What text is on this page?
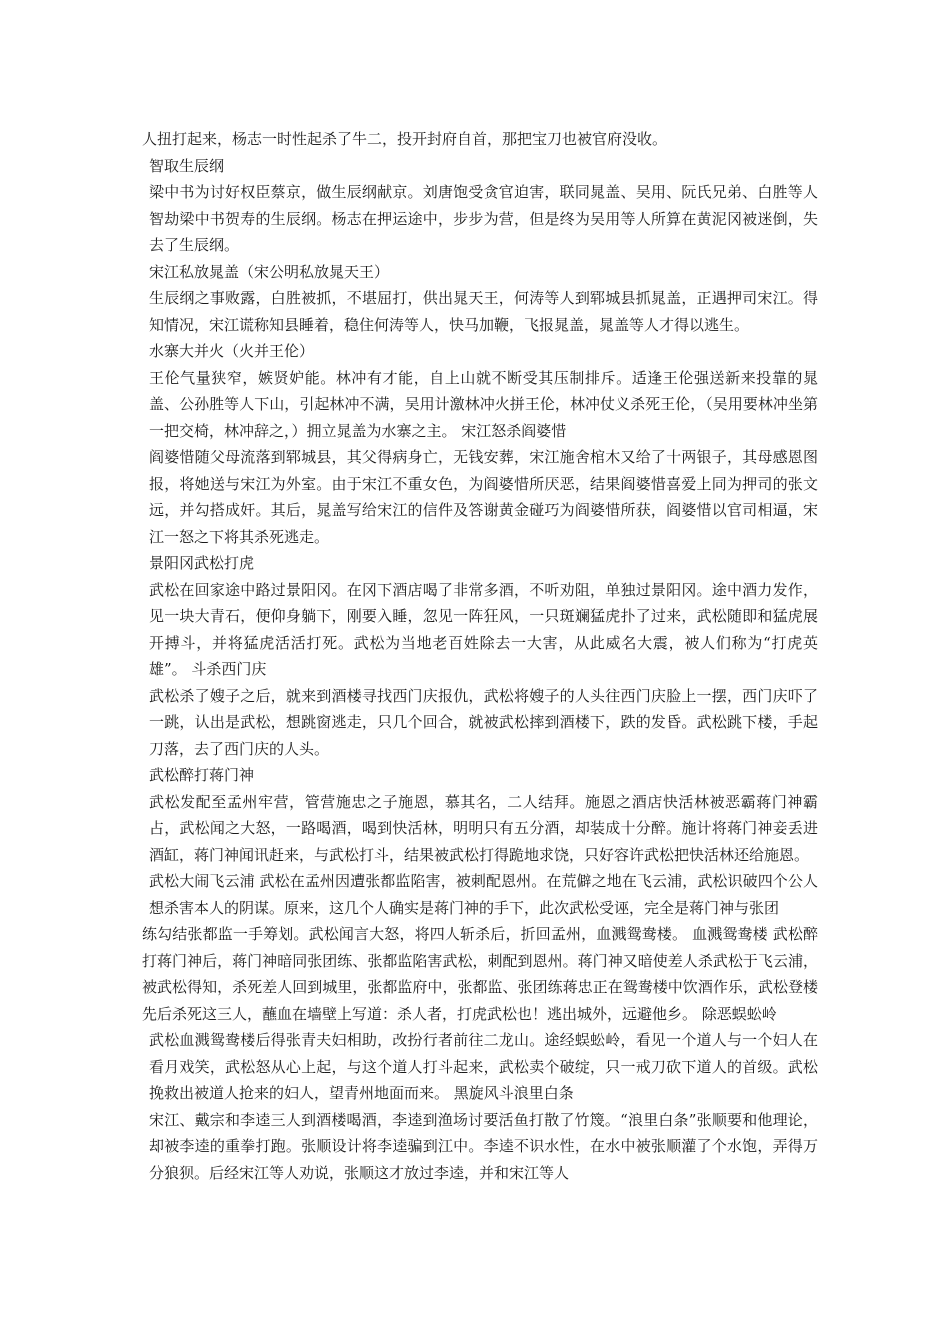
人扭打起来，杨志一时性起杀了牛二，投开封府自首，那把宝刀也被官府没收。

智取生辰纲

梁中书为讨好权臣蔡京，做生辰纲献京。刘唐饱受贪官迫害，联同晁盖、吴用、阮氏兄弟、白胜等人智劫梁中书贺寿的生辰纲。杨志在押运途中，步步为营，但是终为吴用等人所算在黄泥冈被迷倒，失去了生辰纲。

宋江私放晁盖（宋公明私放晁天王）

生辰纲之事败露，白胜被抓，不堪屈打，供出晁天王，何涛等人到郓城县抓晁盖，正遇押司宋江。得知情况，宋江谎称知县睡着，稳住何涛等人，快马加鞭，飞报晁盖，晁盖等人才得以逃生。

水寨大并火（火并王伦）

王伦气量狭窄，嫉贤妒能。林冲有才能，自上山就不断受其压制排斥。适逢王伦强送新来投靠的晁盖、公孙胜等人下山，引起林冲不满，吴用计激林冲火拼王伦，林冲仗义杀死王伦，（吴用要林冲坐第一把交椅，林冲辞之，）拥立晁盖为水寨之主。 宋江怒杀阎婆惜

阎婆惜随父母流落到郓城县，其父得病身亡，无钱安葬，宋江施舍棺木又给了十两银子，其母感恩图报，将她送与宋江为外室。由于宋江不重女色，为阎婆惜所厌恶，结果阎婆惜喜爱上同为押司的张文远，并勾搭成奸。其后，晁盖写给宋江的信件及答谢黄金碰巧为阎婆惜所获，阎婆惜以官司相逼，宋江一怒之下将其杀死逃走。

景阳冈武松打虎

武松在回家途中路过景阳冈。在冈下酒店喝了非常多酒，不听劝阻，单独过景阳冈。途中酒力发作，见一块大青石，便仰身躺下，刚要入睡，忽见一阵狂风，一只斑斓猛虎扑了过来，武松随即和猛虎展开搏斗，并将猛虎活活打死。武松为当地老百姓除去一大害，从此威名大震，被人们称为“打虎英雄”。 斗杀西门庆

武松杀了嫂子之后，就来到酒楼寻找西门庆报仇，武松将嫂子的人头往西门庆脸上一摆，西门庆吓了一跳，认出是武松，想跳窗逃走，只几个回合，就被武松摔到酒楼下，跌的发昏。武松跳下楼，手起刀落，去了西门庆的人头。

武松醉打蒋门神

武松发配至孟州牢营，管营施忠之子施恩，慕其名，二人结拜。施恩之酒店快活林被恶霸蒋门神霸占，武松闻之大怒，一路喝酒，喝到快活林，明明只有五分酒，却装成十分醉。施计将蒋门神妾丢进酒缸，蒋门神闻讯赶来，与武松打斗，结果被武松打得跪地求饶，只好容许武松把快活林还给施恩。

武松大闹飞云浦 武松在孟州因遭张都监陷害，被刺配恩州。在荒僻之地在飞云浦，武松识破四个公人想杀害本人的阴谋。原来，这几个人确实是蒋门神的手下，此次武松受诬，完全是蒋门神与张团

练勾结张都监一手筹划。武松闻言大怒，将四人斩杀后，折回孟州，血溅鸳鸯楼。 血溅鸳鸯楼 武松醉打蒋门神后，蒋门神暗同张团练、张都监陷害武松，刺配到恩州。蒋门神又暗使差人杀武松于飞云浦，被武松得知，杀死差人回到城里，张都监府中，张都监、张团练蒋忠正在鸳鸯楼中饮酒作乐，武松登楼先后杀死这三人，蘸血在墙壁上写道：杀人者，打虎武松也！逃出城外，远避他乡。 除恶蜈蚣岭

武松血溅鸳鸯楼后得张青夫妇相助，改扮行者前往二龙山。途经蜈蚣岭，看见一个道人与一个妇人在看月戏笑，武松怒从心上起，与这个道人打斗起来，武松卖个破绽，只一戒刀砍下道人的首级。武松挽救出被道人抢来的妇人，望青州地面而来。 黑旋风斗浪里白条

宋江、戴宗和李逵三人到酒楼喝酒，李逵到渔场讨要活鱼打散了竹篾。“浪里白条”张顺要和他理论，却被李逵的重拳打跑。张顺设计将李逵骗到江中。李逵不识水性，在水中被张顺灌了个水饱，弄得万分狼狈。后经宋江等人劝说，张顺这才放过李逵，并和宋江等人
